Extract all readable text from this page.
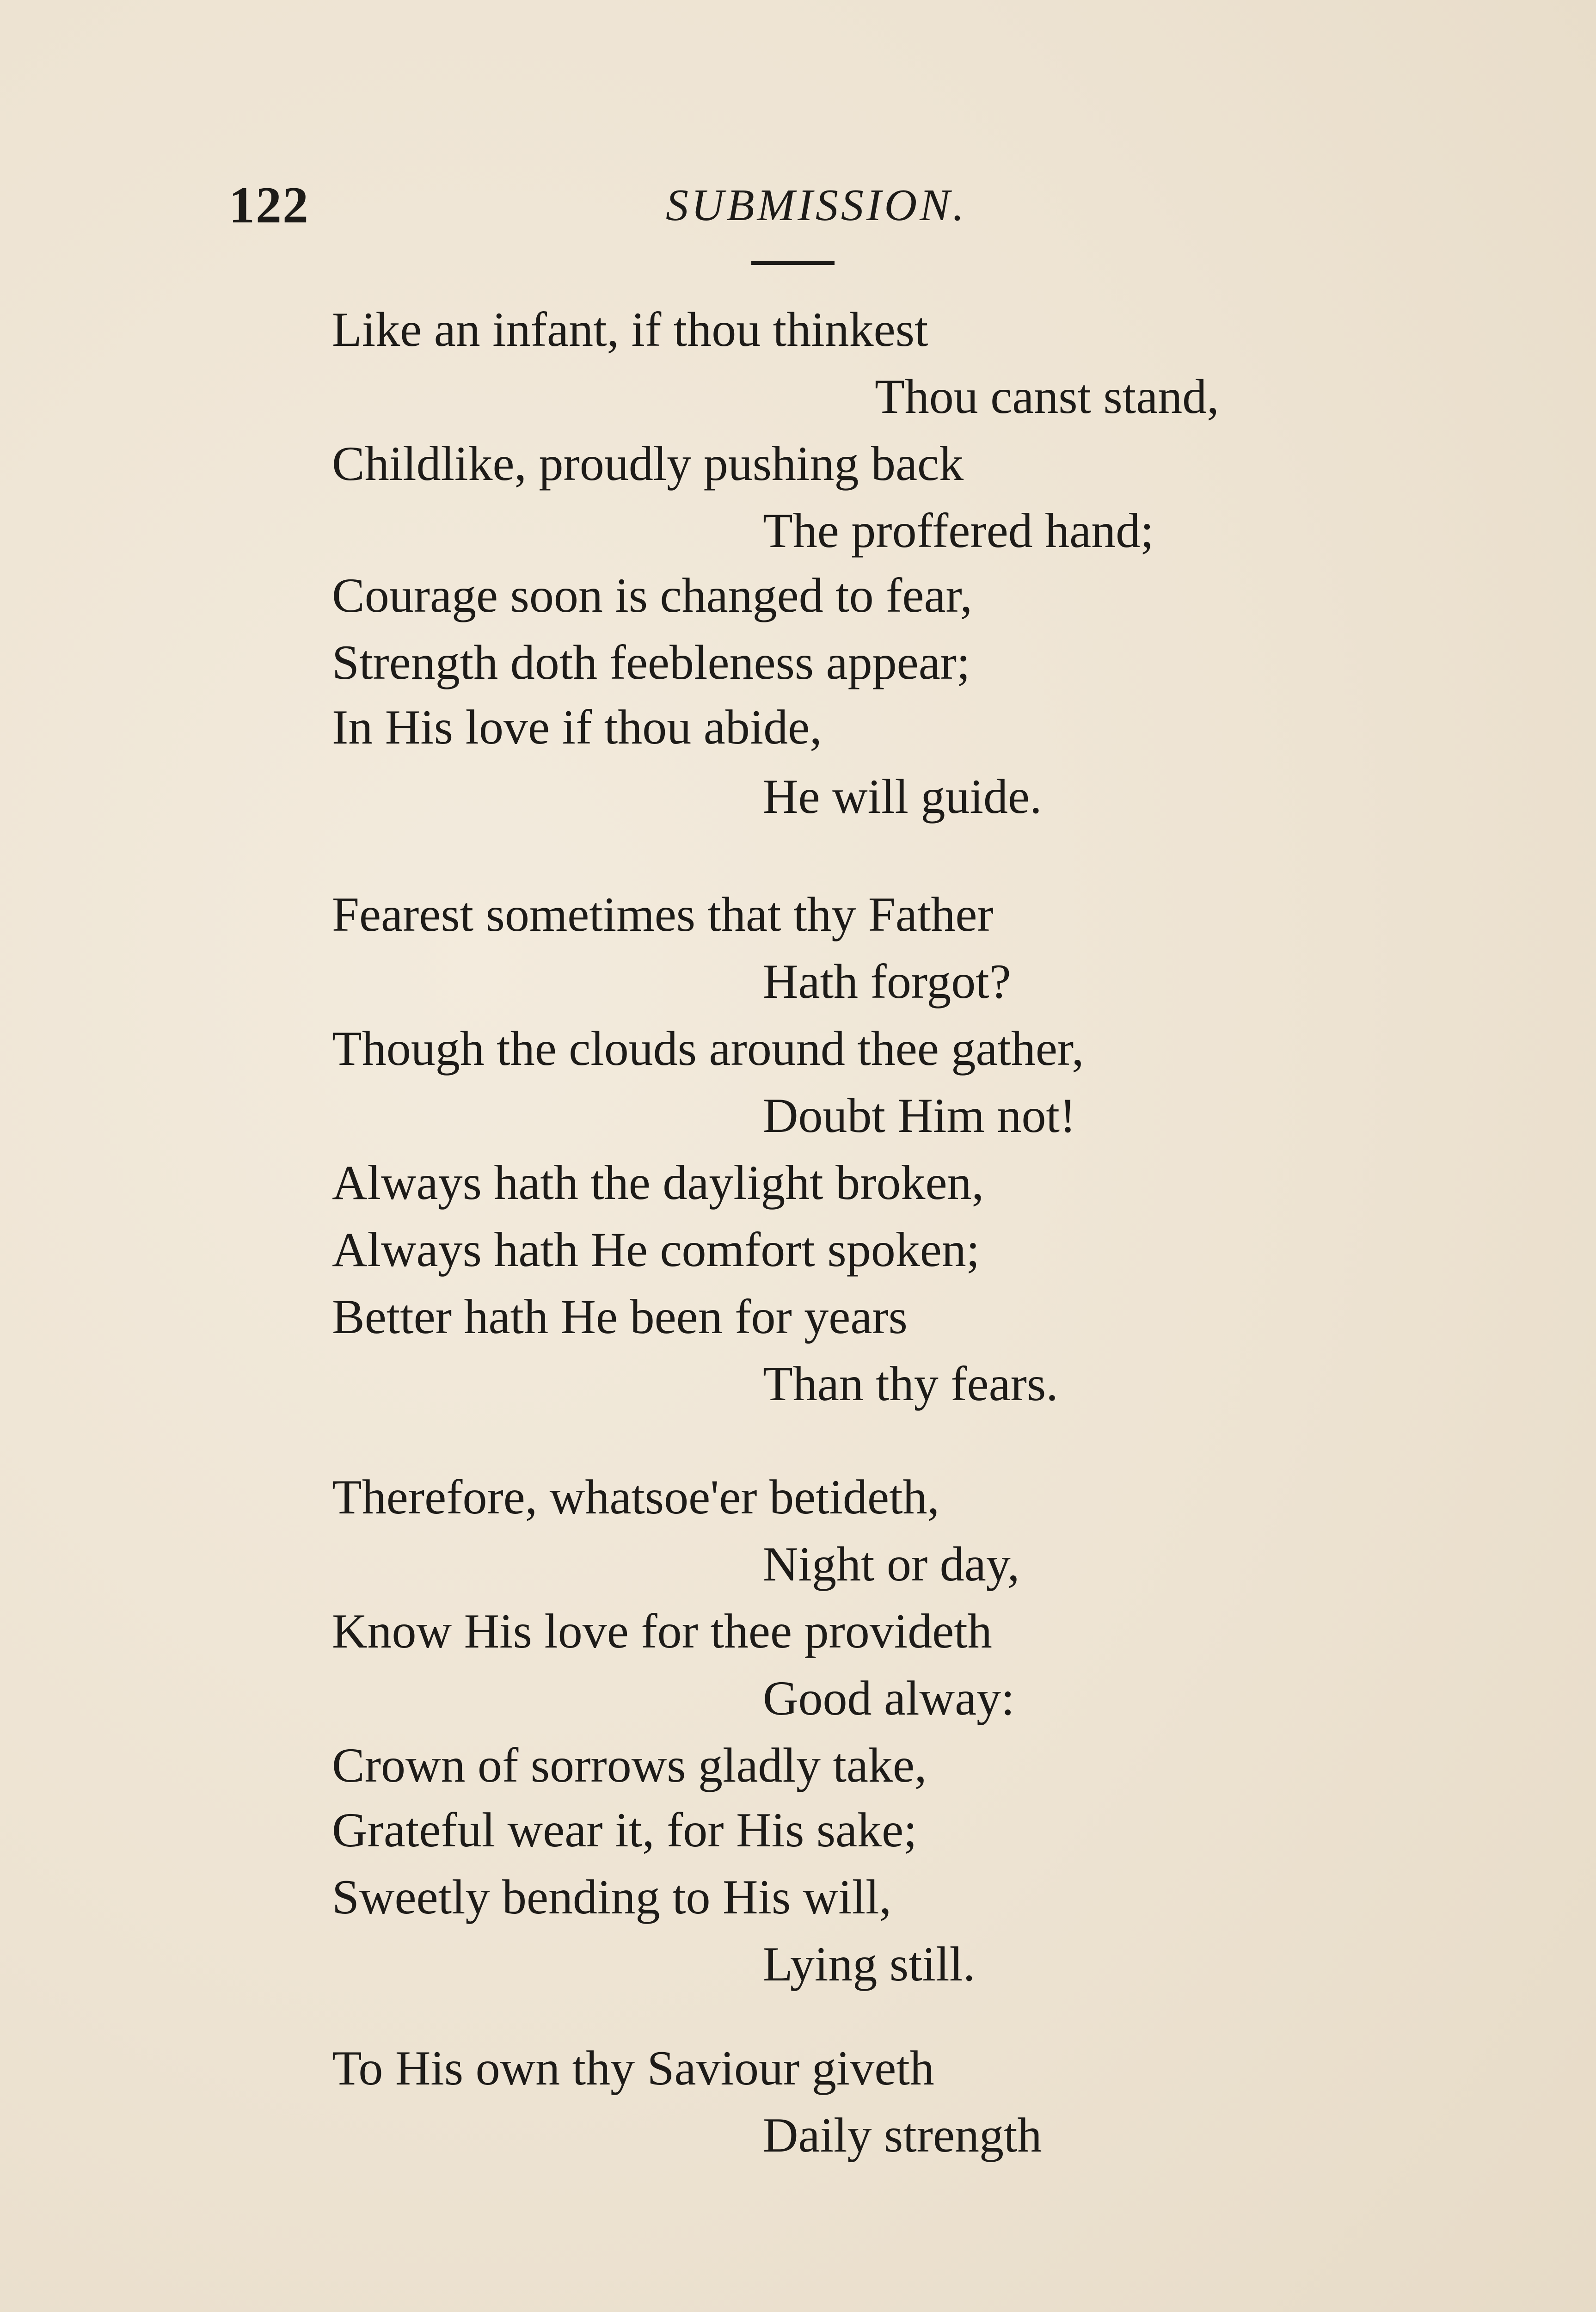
122	SUBMISSION.
Like an infant, if thou thinkest
Thou canst stand,
Childlike, proudly pushing back
The proffered hand;
Courage soon is changed to fear,
Strength doth feebleness appear;
In His love if thou abide,
He will guide.
Fearest sometimes that thy Father
Hath forgot?
Though the clouds around thee gather,
Doubt Him not!
Always hath the daylight broken,
Always hath He comfort spoken;
Better hath He been for years
Than thy fears.
Therefore, whatsoe'er betideth,
Night or day,
Know His love for thee provideth
Good alway:
Crown of sorrows gladly take,
Grateful wear it, for His sake;
Sweetly bending to His will,
Lying still.
To His own thy Saviour giveth
Daily strength
